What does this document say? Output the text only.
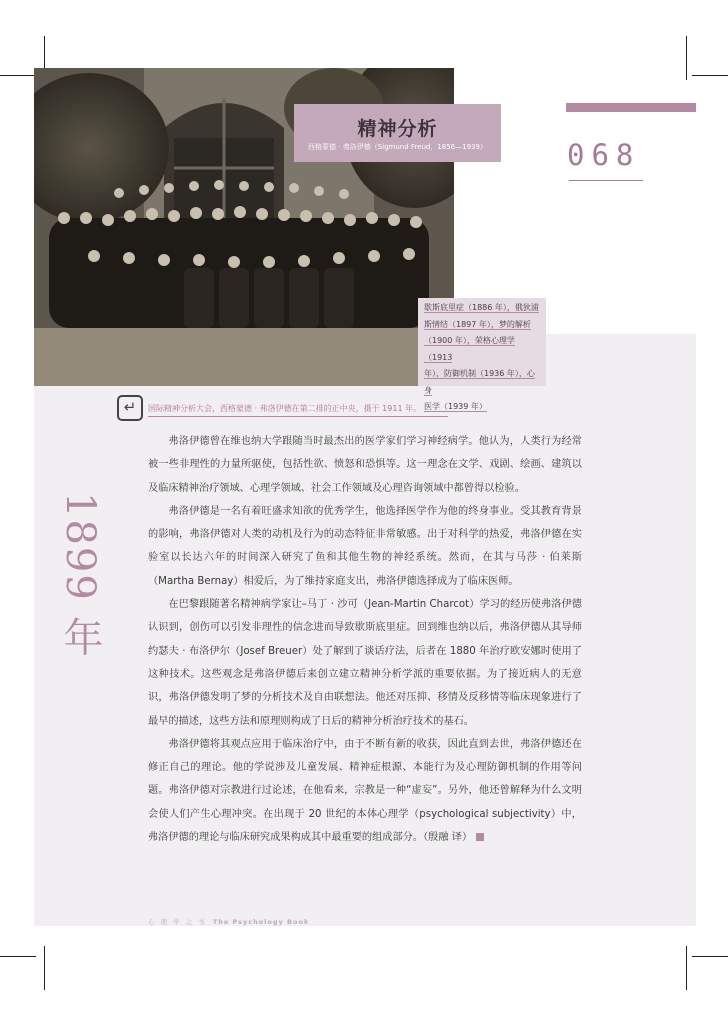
精神分析
西格蒙德 · 弗洛伊德（Sigmund Freud，1856—1939）	068
歇斯底里症（1886 年），俄狄浦
斯情结（1897 年），梦的解析
（1900 年），荣格心理学（1913
年），防御机制（1936 年），心身
医学（1939 年）
↵	国际精神分析大会，西格蒙德 · 弗洛伊德在第二排的正中央，摄于 1911 年。
1899 年

弗洛伊德曾在维也纳大学跟随当时最杰出的医学家们学习神经病学。他认为，人类行为经常被一些非理性的力量所驱使，包括性欲、愤怒和恐惧等。这一理念在文学、戏剧、绘画、建筑以及临床精神治疗领域、心理学领域、社会工作领域及心理咨询领域中都曾得以检验。

弗洛伊德是一名有着旺盛求知欲的优秀学生，他选择医学作为他的终身事业。受其教育背景的影响，弗洛伊德对人类的动机及行为的动态特征非常敏感。出于对科学的热爱，弗洛伊德在实验室以长达六年的时间深入研究了鱼和其他生物的神经系统。然而，在其与马莎 · 伯莱斯（Martha Bernay）相爱后，为了维持家庭支出，弗洛伊德选择成为了临床医师。

在巴黎跟随著名精神病学家让–马丁 · 沙可（Jean-Martin Charcot）学习的经历使弗洛伊德认识到，创伤可以引发非理性的信念进而导致歇斯底里症。回到维也纳以后，弗洛伊德从其导师约瑟夫 · 布洛伊尔（Josef Breuer）处了解到了谈话疗法，后者在 1880 年治疗欧安娜时使用了这种技术。这些观念是弗洛伊德后来创立建立精神分析学派的重要依据。为了接近病人的无意识，弗洛伊德发明了梦的分析技术及自由联想法。他还对压抑、移情及反移情等临床现象进行了最早的描述，这些方法和原理则构成了日后的精神分析治疗技术的基石。

弗洛伊德将其观点应用于临床治疗中，由于不断有新的收获，因此直到去世，弗洛伊德还在修正自己的理论。他的学说涉及儿童发展、精神症根源、本能行为及心理防御机制的作用等问题。弗洛伊德对宗教进行过论述，在他看来，宗教是一种“虚妄”。另外，他还曾解释为什么文明会使人们产生心理冲突。在出现于 20 世纪的本体心理学（psychological subjectivity）中，弗洛伊德的理论与临床研究成果构成其中最重要的组成部分。（殷融 译）

心 理 学 之 书 The Psychology Book
